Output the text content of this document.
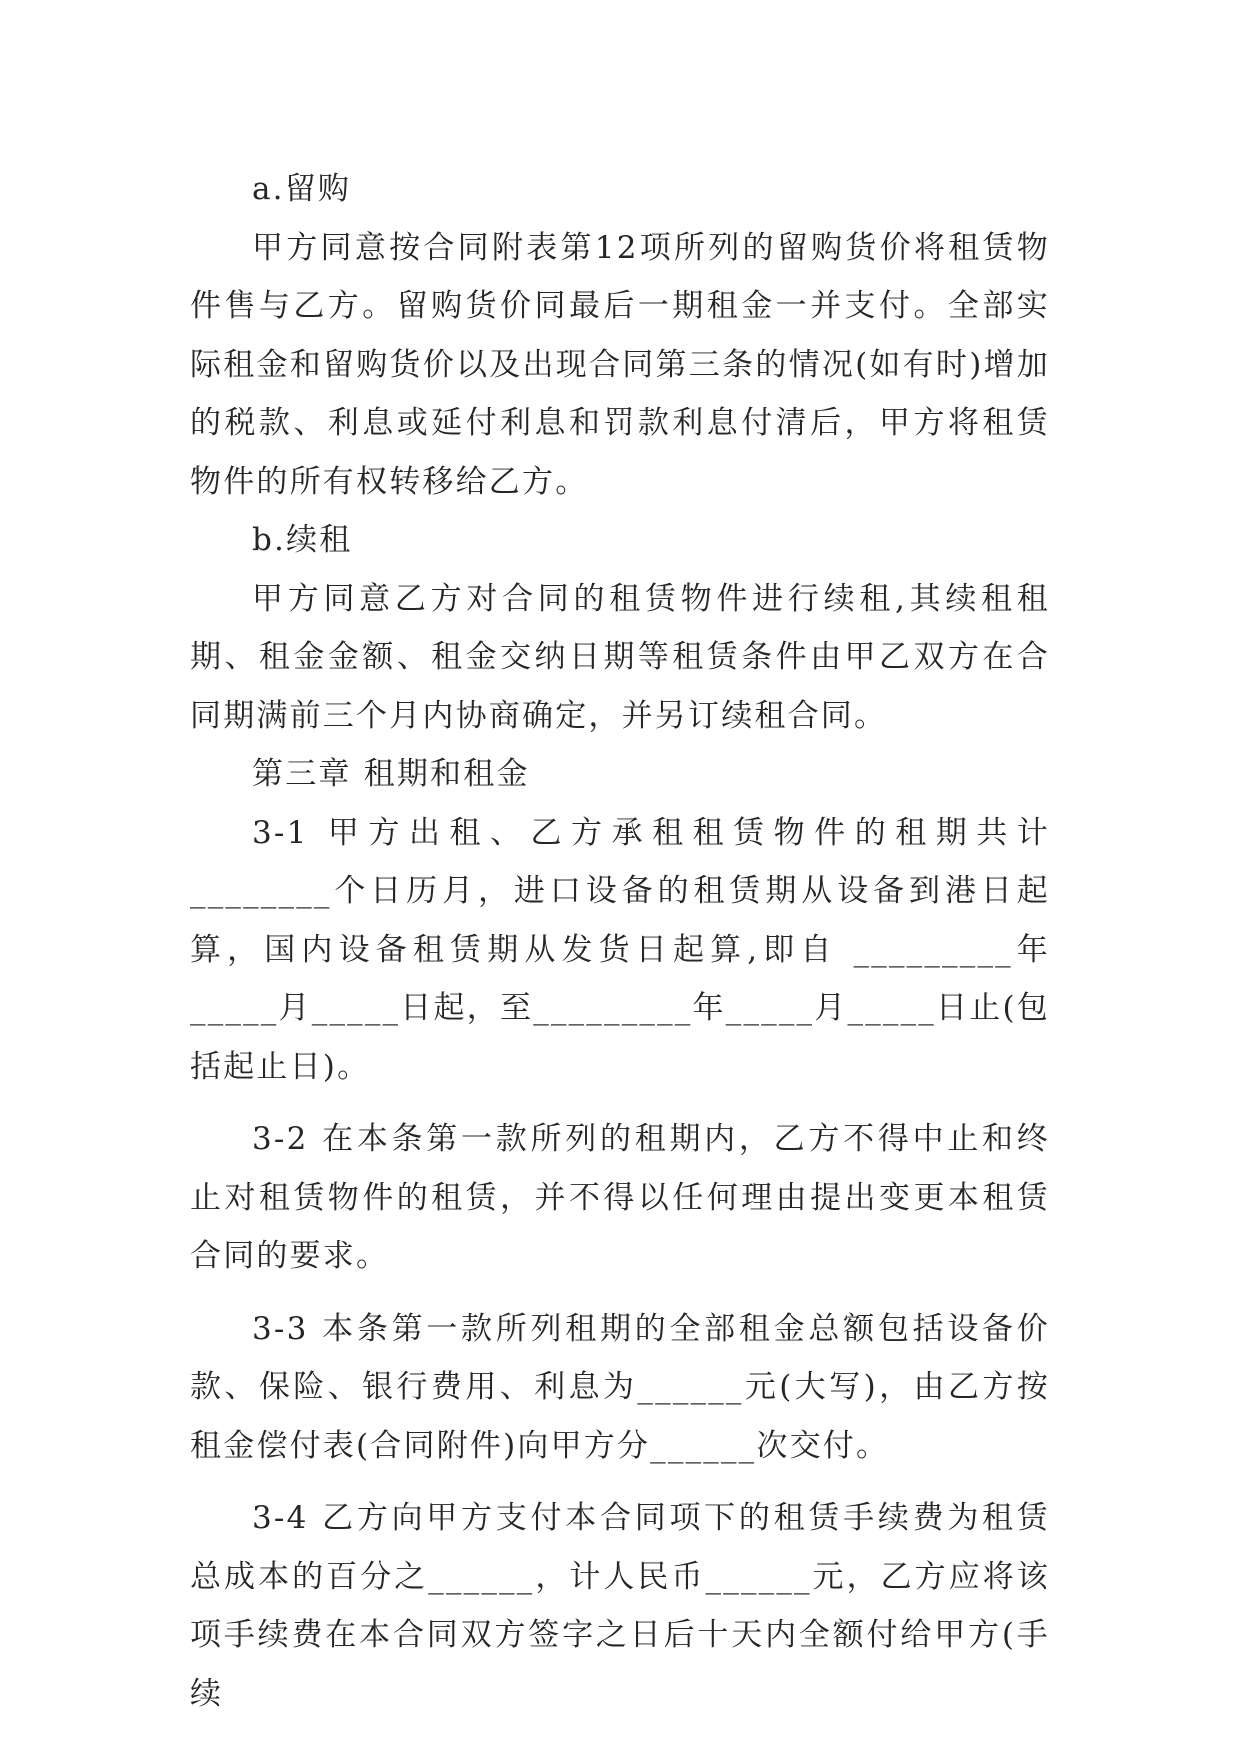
a.留购

甲方同意按合同附表第12项所列的留购货价将租赁物件售与乙方。留购货价同最后一期租金一并支付。全部实际租金和留购货价以及出现合同第三条的情况(如有时)增加的税款、利息或延付利息和罚款利息付清后，甲方将租赁物件的所有权转移给乙方。

b.续租

甲方同意乙方对合同的租赁物件进行续租,其续租租期、租金金额、租金交纳日期等租赁条件由甲乙双方在合同期满前三个月内协商确定，并另订续租合同。

第三章 租期和租金

3-1 甲方出租、乙方承租租赁物件的租期共计________个日历月，进口设备的租赁期从设备到港日起算，国内设备租赁期从发货日起算,即自 _________年_____月_____日起，至_________年_____月_____日止(包括起止日)。

3-2 在本条第一款所列的租期内，乙方不得中止和终止对租赁物件的租赁，并不得以任何理由提出变更本租赁合同的要求。

3-3 本条第一款所列租期的全部租金总额包括设备价款、保险、银行费用、利息为______元(大写)，由乙方按租金偿付表(合同附件)向甲方分______次交付。

3-4 乙方向甲方支付本合同项下的租赁手续费为租赁总成本的百分之______，计人民币______元，乙方应将该项手续费在本合同双方签字之日后十天内全额付给甲方(手续
